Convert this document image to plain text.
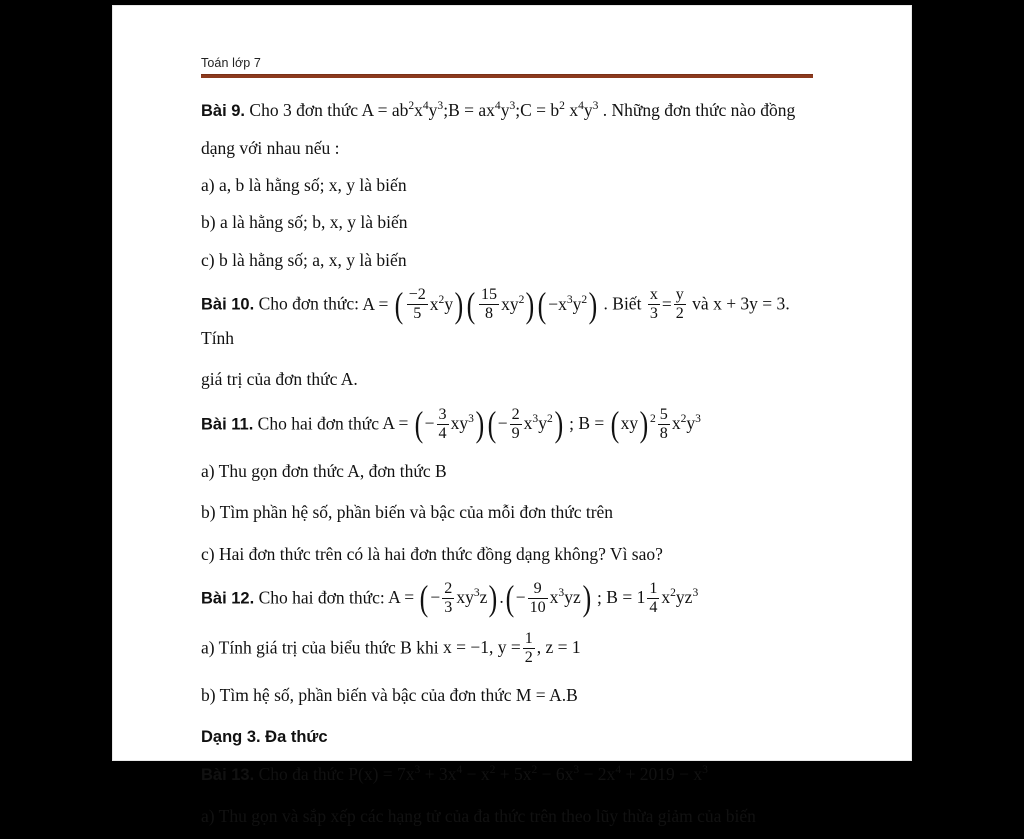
Toán lớp 7

Bài 9. Cho 3 đơn thức $A = ab^2x^4y^3;B$ = $ax^4y^3;C = b^2$ $x^4y^3$ . Những đơn thức nào đồng

dạng với nhau nếu :

a) a, b là hằng số; x, y là biến

b) a là hằng số; b, x, y là biến

c) b là hằng số; a, x, y là biến

Bài 10. Cho đơn thức: A = ( $\frac{-2}{5} x^2y)( \frac{15}{8} xy^2)(-x^3y^2)$ . Biết $\frac{x}{3} = \frac{y}{2}$ và x + 3y = 3. Tính

giá trị của đơn thức A.

Bài 11. Cho hai đơn thức A = (− $\frac{3}{4} xy^3)(- \frac{2}{9} x^3y^2)$ ; B = (xy) $^2 \frac{5}{8} x^2y^3$

a) Thu gọn đơn thức A, đơn thức B

b) Tìm phần hệ số, phần biến và bậc của mỗi đơn thức trên

c) Hai đơn thức trên có là hai đơn thức đồng dạng không? Vì sao?

Bài 12. Cho hai đơn thức: A = (− $\frac{2}{3} xy^3z).(- \frac{9}{10} x^3yz)$ ; $B = 1 \frac{1}{4} x^2yz^3$

a) Tính giá trị của biểu thức B khi x = −1, $y = \frac{1}{2}$ , z = 1

b) Tìm hệ số, phần biến và bậc của đơn thức M = A.B

Dạng 3. Đa thức

Bài 13. Cho đa thức $P(x) = 7x^3 + 3x^4 - x^2 + 5x^2 - 6x^3 - 2x^4 + 2019 - x^3$

a) Thu gọn và sắp xếp các hạng tử của đa thức trên theo lũy thừa giảm của biến
